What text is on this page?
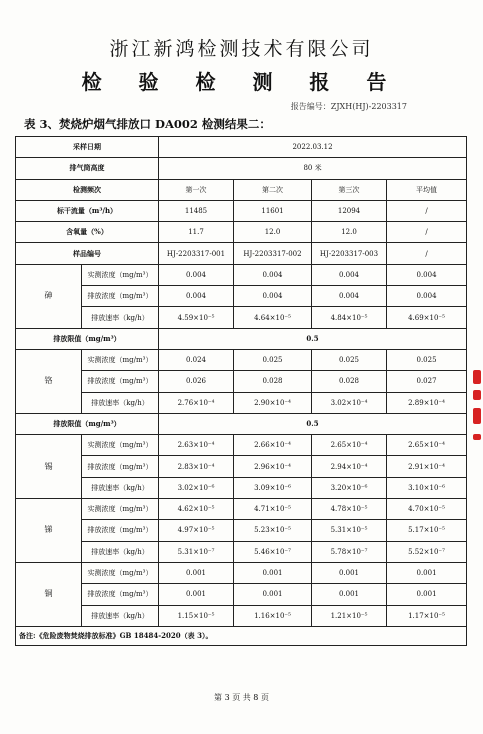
浙江新鸿检测技术有限公司
检 验 检 测 报 告
报告编号：ZJXH(HJ)-2203317
表 3、焚烧炉烟气排放口 DA002 检测结果二：
采样日期		2022.03.12			
排气筒高度		80 米			
检测频次		第一次	第二次	第三次	平均值
标干流量（m³/h）		11485	11601	12094	/
含氧量（%）		11.7	12.0	12.0	/
样品编号		HJ-2203317-001	HJ-2203317-002	HJ-2203317-003	/
砷	实测浓度（mg/m³）	0.004	0.004	0.004	0.004
	排放浓度（mg/m³）	0.004	0.004	0.004	0.004
	排放速率（kg/h）	4.59×10⁻⁵	4.64×10⁻⁵	4.84×10⁻⁵	4.69×10⁻⁵
排放限值（mg/m³）		0.5			
铬	实测浓度（mg/m³）	0.024	0.025	0.025	0.025
	排放浓度（mg/m³）	0.026	0.028	0.028	0.027
	排放速率（kg/h）	2.76×10⁻⁴	2.90×10⁻⁴	3.02×10⁻⁴	2.89×10⁻⁴
排放限值（mg/m³）		0.5			
锡	实测浓度（mg/m³）	2.63×10⁻⁴	2.66×10⁻⁴	2.65×10⁻⁴	2.65×10⁻⁴
	排放浓度（mg/m³）	2.83×10⁻⁴	2.96×10⁻⁴	2.94×10⁻⁴	2.91×10⁻⁴
	排放速率（kg/h）	3.02×10⁻⁶	3.09×10⁻⁶	3.20×10⁻⁶	3.10×10⁻⁶
锑	实测浓度（mg/m³）	4.62×10⁻⁵	4.71×10⁻⁵	4.78×10⁻⁵	4.70×10⁻⁵
	排放浓度（mg/m³）	4.97×10⁻⁵	5.23×10⁻⁵	5.31×10⁻⁵	5.17×10⁻⁵
	排放速率（kg/h）	5.31×10⁻⁷	5.46×10⁻⁷	5.78×10⁻⁷	5.52×10⁻⁷
铜	实测浓度（mg/m³）	0.001	0.001	0.001	0.001
	排放浓度（mg/m³）	0.001	0.001	0.001	0.001
	排放速率（kg/h）	1.15×10⁻⁵	1.16×10⁻⁵	1.21×10⁻⁵	1.17×10⁻⁵
备注:《危险废物焚烧排放标准》GB 18484-2020（表 3）。					
第 3 页 共 8 页
